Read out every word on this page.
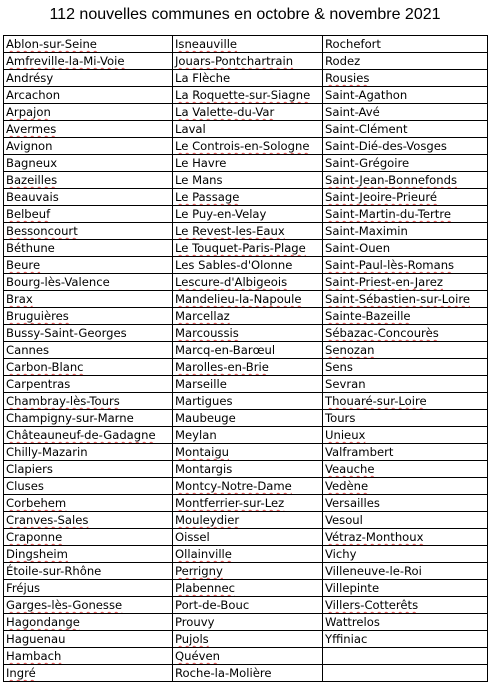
112 nouvelles communes en octobre & novembre 2021
Ablon-sur-Seine	Isneauville	Rochefort
Amfreville-la-Mi-Voie	Jouars-Pontchartrain	Rodez
Andrésy	La Flèche	Rousies
Arcachon	La Roquette-sur-Siagne	Saint-Agathon
Arpajon	La Valette-du-Var	Saint-Avé
Avermes	Laval	Saint-Clément
Avignon	Le Controis-en-Sologne	Saint-Dié-des-Vosges
Bagneux	Le Havre	Saint-Grégoire
Bazeilles	Le Mans	Saint-Jean-Bonnefonds
Beauvais	Le Passage	Saint-Jeoire-Prieuré
Belbeuf	Le Puy-en-Velay	Saint-Martin-du-Tertre
Bessoncourt	Le Revest-les-Eaux	Saint-Maximin
Béthune	Le Touquet-Paris-Plage	Saint-Ouen
Beure	Les Sables-d'Olonne	Saint-Paul-lès-Romans
Bourg-lès-Valence	Lescure-d'Albigeois	Saint-Priest-en-Jarez
Brax	Mandelieu-la-Napoule	Saint-Sébastien-sur-Loire
Bruguières	Marcellaz	Sainte-Bazeille
Bussy-Saint-Georges	Marcoussis	Sébazac-Concourès
Cannes	Marcq-en-Barœul	Senozan
Carbon-Blanc	Marolles-en-Brie	Sens
Carpentras	Marseille	Sevran
Chambray-lès-Tours	Martigues	Thouaré-sur-Loire
Champigny-sur-Marne	Maubeuge	Tours
Châteauneuf-de-Gadagne	Meylan	Unieux
Chilly-Mazarin	Montaigu	Valframbert
Clapiers	Montargis	Veauche
Cluses	Montcy-Notre-Dame	Vedène
Corbehem	Montferrier-sur-Lez	Versailles
Cranves-Sales	Mouleydier	Vesoul
Craponne	Oissel	Vétraz-Monthoux
Dingsheim	Ollainville	Vichy
Étoile-sur-Rhône	Perrigny	Villeneuve-le-Roi
Fréjus	Plabennec	Villepinte
Garges-lès-Gonesse	Port-de-Bouc	Villers-Cotterêts
Hagondange	Prouvy	Wattrelos
Haguenau	Pujols	Yffiniac
Hambach	Quéven	
Ingré	Roche-la-Molière	
